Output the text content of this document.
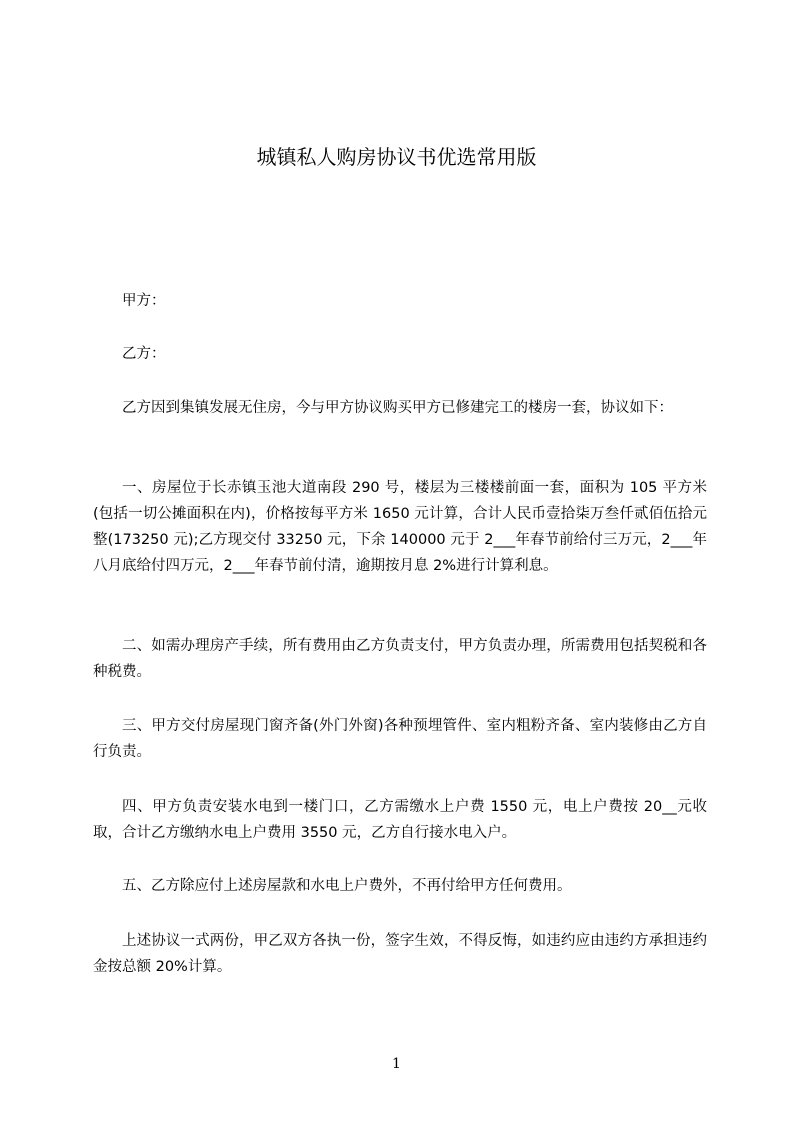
城镇私人购房协议书优选常用版

甲方：

乙方：

乙方因到集镇发展无住房，今与甲方协议购买甲方已修建完工的楼房一套，协议如下：

一、房屋位于长赤镇玉池大道南段 290 号，楼层为三楼楼前面一套，面积为 105 平方米(包括一切公摊面积在内)，价格按每平方米 1650 元计算，合计人民币壹拾柒万叁仟贰佰伍拾元整(173250 元);乙方现交付 33250 元，下余 140000 元于 2___年春节前给付三万元，2___年八月底给付四万元，2___年春节前付清，逾期按月息 2%进行计算利息。

二、如需办理房产手续，所有费用由乙方负责支付，甲方负责办理，所需费用包括契税和各种税费。

三、甲方交付房屋现门窗齐备(外门外窗)各种预埋管件、室内粗粉齐备、室内装修由乙方自行负责。

四、甲方负责安装水电到一楼门口，乙方需缴水上户费 1550 元，电上户费按 20__元收取，合计乙方缴纳水电上户费用 3550 元，乙方自行接水电入户。

五、乙方除应付上述房屋款和水电上户费外，不再付给甲方任何费用。

上述协议一式两份，甲乙双方各执一份，签字生效，不得反悔，如违约应由违约方承担违约金按总额 20%计算。

1
